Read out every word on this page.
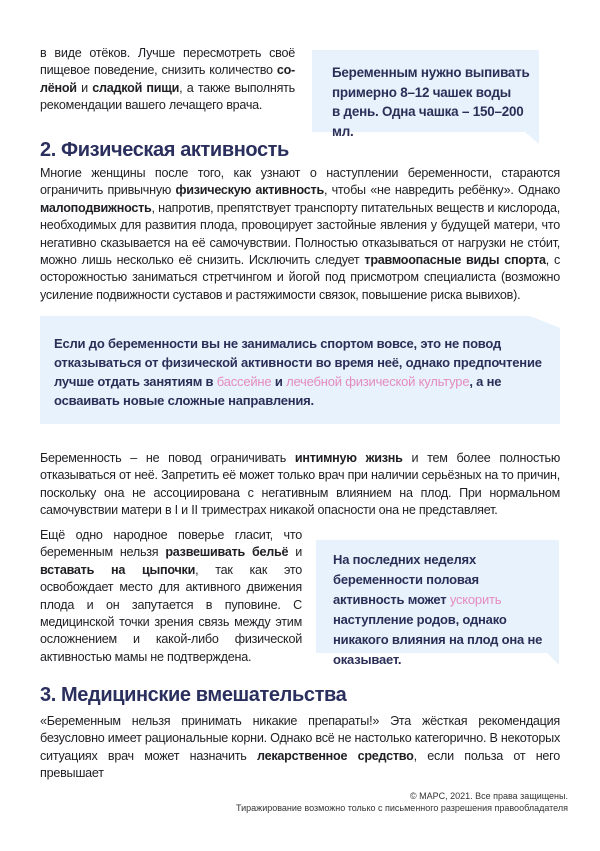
в виде отёков. Лучше пересмотреть своё пищевое поведение, снизить количество со-лёной и сладкой пищи, а также выполнять рекомендации вашего лечащего врача.

Беременным нужно выпивать
примерно 8–12 чашек воды
в день. Одна чашка – 150–200 мл.
2. Физическая активность

Многие женщины после того, как узнают о наступлении беременности, стараются ограничить привычную физическую активность, чтобы «не навредить ребёнку». Однако малоподвижность, напротив, препятствует транспорту питательных веществ и кислорода, необходимых для развития плода, провоцирует застойные явления у будущей матери, что негативно сказывается на её самочувствии. Полностью отказываться от нагрузки не стóит, можно лишь несколько её снизить. Исключить следует травмоопасные виды спорта, с осторожностью заниматься стретчингом и йогой под присмотром специалиста (возможно усиление подвижности суставов и растяжимости связок, повышение риска вывихов).

Если до беременности вы не занимались спортом вовсе, это не повод отказываться от физической активности во время неё, однако предпочтение лучше отдать занятиям в бассейне и лечебной физической культуре, а не осваивать новые сложные направления.

Беременность – не повод ограничивать интимную жизнь и тем более полностью отказываться от неё. Запретить её может только врач при наличии серьёзных на то причин, поскольку она не ассоциирована с негативным влиянием на плод. При нормальном самочувствии матери в I и II триместрах никакой опасности она не представляет.

Ещё одно народное поверье гласит, что беременным нельзя развешивать бельё и вставать на цыпочки, так как это освобождает место для активного движения плода и он запутается в пуповине. С медицинской точки зрения связь между этим осложнением и какой-либо физической активностью мамы не подтверждена.

На последних неделях беременности половая активность может ускорить наступление родов, однако никакого влияния на плод она не оказывает.

3. Медицинские вмешательства

«Беременным нельзя принимать никакие препараты!» Эта жёсткая рекомендация безусловно имеет рациональные корни. Однако всё не настолько категорично. В некоторых ситуациях врач может назначить лекарственное средство, если польза от него превышает

© МАРС, 2021. Все права защищены.
Тиражирование возможно только с письменного разрешения правообладателя
